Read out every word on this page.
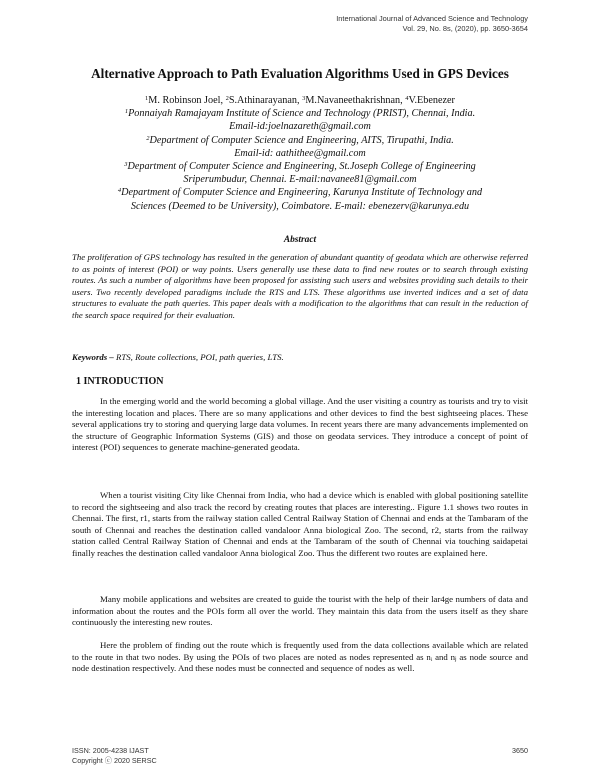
International Journal of Advanced Science and Technology
Vol. 29, No. 8s, (2020), pp. 3650-3654
Alternative Approach to Path Evaluation Algorithms Used in GPS Devices
$^1$M. Robinson Joel, $^2$S.Athinarayanan, $^3$M.Navaneethakrishnan, $^4$V.Ebenezer
$^1$Ponnaiyah Ramajayam Institute of Science and Technology (PRIST), Chennai, India.
Email-id:joelnazareth@gmail.com
$^2$Department of Computer Science and Engineering, AITS, Tirupathi, India.
Email-id: aathithee@gmail.com
$^3$Department of Computer Science and Engineering, St.Joseph College of Engineering
Sriperumbudur, Chennai. E-mail:navanee81@gmail.com
$^4$Department of Computer Science and Engineering, Karunya Institute of Technology and
Sciences (Deemed to be University), Coimbatore. E-mail: ebenezerv@karunya.edu
Abstract
The proliferation of GPS technology has resulted in the generation of abundant quantity of geodata which are otherwise referred to as points of interest (POI) or way points. Users generally use these data to find new routes or to search through existing routes. As such a number of algorithms have been proposed for assisting such users and websites providing such details to their users. Two recently developed paradigms include the RTS and LTS. These algorithms use inverted indices and a set of data structures to evaluate the path queries. This paper deals with a modification to the algorithms that can result in the reduction of the search space required for their evaluation.
Keywords – RTS, Route collections, POI, path queries, LTS.
1 INTRODUCTION

In the emerging world and the world becoming a global village. And the user visiting a country as tourists and try to visit the interesting location and places. There are so many applications and other devices to find the best sightseeing places. These several applications try to storing and querying large data volumes. In recent years there are many advancements implemented on the structure of Geographic Information Systems (GIS) and those on geodata services. They introduce a concept of point of interest (POI) sequences to generate machine-generated geodata.

When a tourist visiting City like Chennai from India, who had a device which is enabled with global positioning satellite to record the sightseeing and also track the record by creating routes that places are interesting.. Figure 1.1 shows two routes in Chennai. The first, r1, starts from the railway station called Central Railway Station of Chennai and ends at the Tambaram of the south of Chennai and reaches the destination called vandaloor Anna biological Zoo. The second, r2, starts from the railway station called Central Railway Station of Chennai and ends at the Tambaram of the south of Chennai via touching saidapetai finally reaches the destination called vandaloor Anna biological Zoo. Thus the different two routes are explained here.

Many mobile applications and websites are created to guide the tourist with the help of their lar4ge numbers of data and information about the routes and the POIs form all over the world. They maintain this data from the users itself as they share continuously the interesting new routes.

Here the problem of finding out the route which is frequently used from the data collections available which are related to the route in that two nodes. By using the POIs of two places are noted as nodes represented as nᵢ and nⱼ as node source and node destination respectively. And these nodes must be connected and sequence of nodes as well.

ISSN: 2005-4238 IJAST
Copyright ⓒ 2020 SERSC
3650
